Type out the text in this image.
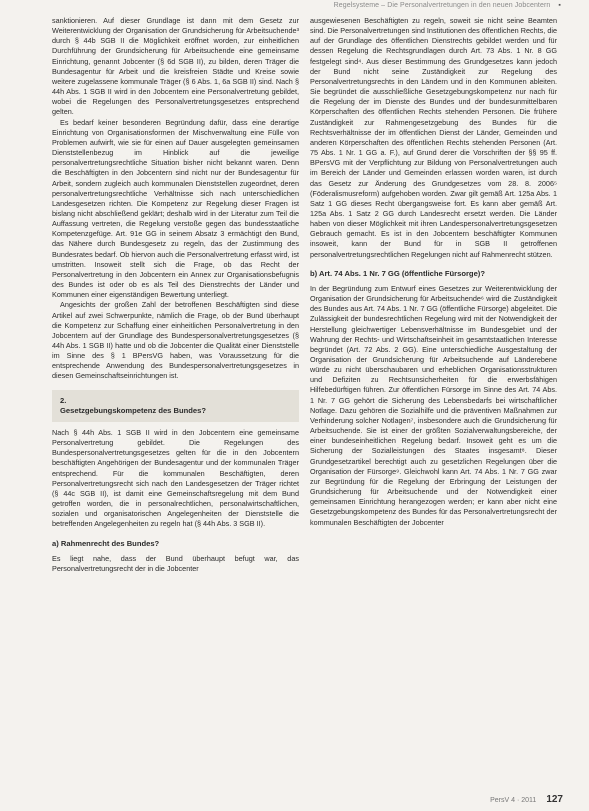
Regelsysteme – Die Personalvertretungen in den neuen Jobcentern ▪

sanktionieren. Auf dieser Grundlage ist dann mit dem Gesetz zur Weiterentwicklung der Organisation der Grundsicherung für Arbeitsuchende³ durch § 44b SGB II die Möglichkeit eröffnet worden, zur einheitlichen Durchführung der Grundsicherung für Arbeitsuchende eine gemeinsame Einrichtung, genannt Jobcenter (§ 6d SGB II), zu bilden, deren Träger die Bundesagentur für Arbeit und die kreisfreien Städte und Kreise sowie weitere zugelassene kommunale Träger (§ 6 Abs. 1, 6a SGB II) sind. Nach § 44h Abs. 1 SGB II wird in den Jobcentern eine Personalvertretung gebildet, wobei die Regelungen des Personalvertretungsgesetzes entsprechend gelten.

Es bedarf keiner besonderen Begründung dafür, dass eine derartige Einrichtung von Organisationsformen der Mischverwaltung eine Fülle von Problemen aufwirft, wie sie für einen auf Dauer ausgelegten gemeinsamen Dienststellenbezug im Hinblick auf die jeweilige personalvertretungsrechtliche Situation bisher nicht bekannt waren. Denn die Beschäftigten in den Jobcentern sind nicht nur der Bundesagentur für Arbeit, sondern zugleich auch kommunalen Dienststellen zugeordnet, deren personalvertretungsrechtliche Verhältnisse sich nach unterschiedlichen Landesgesetzen richten. Die Kompetenz zur Regelung dieser Fragen ist bislang nicht abschließend geklärt; deshalb wird in der Literatur zum Teil die Auffassung vertreten, die Regelung verstoße gegen das bundesstaatliche Kompetenzgefüge. Art. 91e GG in seinem Absatz 3 ermächtigt den Bund, das Nähere durch Bundesgesetz zu regeln, das der Zustimmung des Bundesrates bedarf. Ob hiervon auch die Personalvertretung erfasst wird, ist umstritten. Insoweit stellt sich die Frage, ob das Recht der Personalvertretung in den Jobcentern ein Annex zur Organisationsbefugnis des Bundes ist oder ob es als Teil des Dienstrechts der Länder und Kommunen einer eigenständigen Bewertung unterliegt.

Angesichts der großen Zahl der betroffenen Beschäftigten sind diese Artikel auf zwei Schwerpunkte, nämlich die Frage, ob der Bund überhaupt die Kompetenz zur Schaffung einer einheitlichen Personalvertretung in den Jobcentern auf der Grundlage des Bundespersonalvertretungsgesetzes (§ 44h Abs. 1 SGB II) hatte und ob die Jobcenter die Qualität einer Dienststelle im Sinne des § 1 BPersVG haben, was Voraussetzung für die entsprechende Anwendung des Bundespersonalvertretungsgesetzes in diesen Gemeinschaftseinrichtungen ist.

2.
Gesetzgebungskompetenz des Bundes?

Nach § 44h Abs. 1 SGB II wird in den Jobcentern eine gemeinsame Personalvertretung gebildet. Die Regelungen des Bundespersonalvertretungsgesetzes gelten für die in den Jobcentern beschäftigten Angehörigen der Bundesagentur und der kommunalen Träger entsprechend. Für die kommunalen Beschäftigten, deren Personalvertretungsrecht sich nach den Landesgesetzen der Träger richtet (§ 44c SGB II), ist damit eine Gemeinschaftsregelung mit dem Bund getroffen worden, die in personalrechtlichen, personalwirtschaftlichen, sozialen und organisatorischen Angelegenheiten der Dienststelle die betreffenden Angelegenheiten zu regeln hat (§ 44h Abs. 3 SGB II).

a) Rahmenrecht des Bundes?

Es liegt nahe, dass der Bund überhaupt befugt war, das Personalvertretungsrecht der in die Jobcenter

ausgewiesenen Beschäftigten zu regeln, soweit sie nicht seine Beamten sind. Die Personalvertretungen sind Institutionen des öffentlichen Rechts, die auf der Grundlage des öffentlichen Dienstrechts gebildet werden und für dessen Regelung die Rechtsgrundlagen durch Art. 73 Abs. 1 Nr. 8 GG festgelegt sind⁴. Aus dieser Bestimmung des Grundgesetzes kann jedoch der Bund nicht seine Zuständigkeit zur Regelung des Personalvertretungsrechts in den Ländern und in den Kommunen ableiten. Sie begründet die ausschließliche Gesetzgebungskompetenz nur nach für die Regelung der im Dienste des Bundes und der bundesunmittelbaren Körperschaften des öffentlichen Rechts stehenden Personen. Die frühere Zuständigkeit zur Rahmengesetzgebung des Bundes für die Rechtsverhältnisse der im öffentlichen Dienst der Länder, Gemeinden und anderen Körperschaften des öffentlichen Rechts stehenden Personen (Art. 75 Abs. 1 Nr. 1 GG a. F.), auf Grund derer die Vorschriften der §§ 95 ff. BPersVG mit der Verpflichtung zur Bildung von Personalvertretungen auch im Bereich der Länder und Gemeinden erlassen worden waren, ist durch das Gesetz zur Änderung des Grundgesetzes vom 28. 8. 2006⁵ (Föderalismusreform) aufgehoben worden. Zwar gilt gemäß Art. 125a Abs. 1 Satz 1 GG dieses Recht übergangsweise fort. Es kann aber gemäß Art. 125a Abs. 1 Satz 2 GG durch Landesrecht ersetzt werden. Die Länder haben von dieser Möglichkeit mit ihren Landespersonalvertretungsgesetzen Gebrauch gemacht. Es ist in den Jobcentern beschäftigter Kommunen insoweit, kann der Bund für in SGB II getroffenen personalvertretungsrechtlichen Regelungen nicht auf Rahmenrecht stützen.

b) Art. 74 Abs. 1 Nr. 7 GG (öffentliche Fürsorge)?

In der Begründung zum Entwurf eines Gesetzes zur Weiterentwicklung der Organisation der Grundsicherung für Arbeitsuchende⁶ wird die Zuständigkeit des Bundes aus Art. 74 Abs. 1 Nr. 7 GG (öffentliche Fürsorge) abgeleitet. Die Zulässigkeit der bundesrechtlichen Regelung wird mit der Notwendigkeit der Herstellung gleichwertiger Lebensverhältnisse im Bundesgebiet und der Wahrung der Rechts- und Wirtschaftseinheit im gesamtstaatlichen Interesse begründet (Art. 72 Abs. 2 GG). Eine unterschiedliche Ausgestaltung der Organisation der Grundsicherung für Arbeitsuchende auf Länderebene würde zu nicht überschaubaren und erheblichen Organisationsstrukturen und Defiziten zu Rechtsunsicherheiten für die erwerbsfähigen Hilfebedürftigen führen. Zur öffentlichen Fürsorge im Sinne des Art. 74 Abs. 1 Nr. 7 GG gehört die Sicherung des Lebensbedarfs bei wirtschaftlicher Notlage. Dazu gehören die Sozialhilfe und die präventiven Maßnahmen zur Verhinderung solcher Notlagen⁷, insbesondere auch die Grundsicherung für Arbeitsuchende. Sie ist einer der größten Sozialverwaltungsbereiche, der einer bundeseinheitlichen Regelung bedarf. Insoweit geht es um die Sicherung der Sozialleistungen des Staates insgesamt⁸. Dieser Grundgesetzartikel berechtigt auch zu gesetzlichen Regelungen über die Organisation der Fürsorge⁹. Gleichwohl kann Art. 74 Abs. 1 Nr. 7 GG zwar zur Begründung für die Regelung der Erbringung der Leistungen der Grundsicherung für Arbeitsuchende und der Notwendigkeit einer gemeinsamen Einrichtung herangezogen werden; er kann aber nicht eine Gesetzgebungskompetenz des Bundes für das Personalvertretungsrecht der kommunalen Beschäftigten der Jobcenter

PersV 4 · 2011 127
